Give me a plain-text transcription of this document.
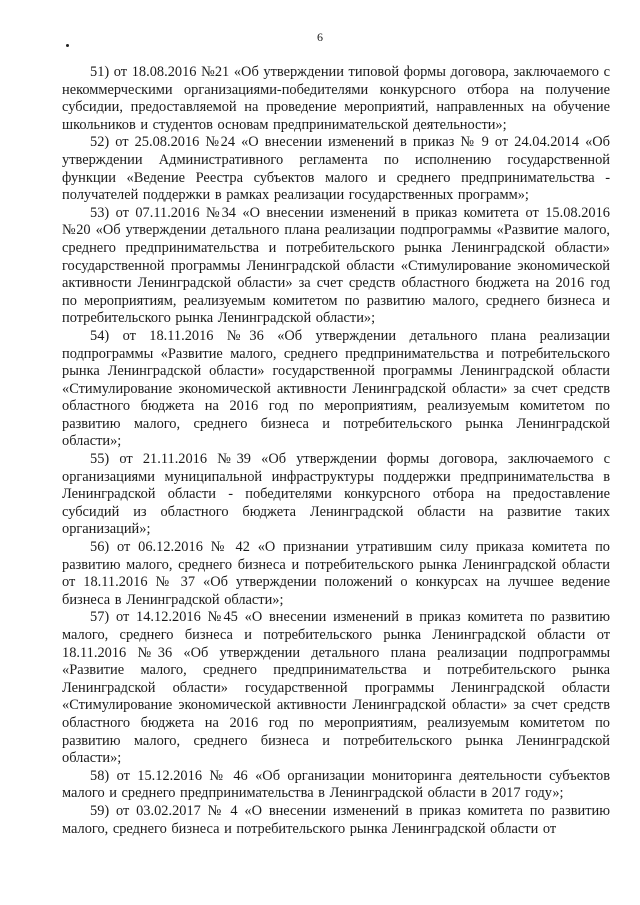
6

51) от 18.08.2016 №21 «Об утверждении типовой формы договора, заключаемого с некоммерческими организациями-победителями конкурсного отбора на получение субсидии, предоставляемой на проведение мероприятий, направленных на обучение школьников и студентов основам предпринимательской деятельности»;

52) от 25.08.2016 №24 «О внесении изменений в приказ № 9 от 24.04.2014 «Об утверждении Административного регламента по исполнению государственной функции «Ведение Реестра субъектов малого и среднего предпринимательства - получателей поддержки в рамках реализации государственных программ»;

53) от 07.11.2016 №34 «О внесении изменений в приказ комитета от 15.08.2016 №20 «Об утверждении детального плана реализации подпрограммы «Развитие малого, среднего предпринимательства и потребительского рынка Ленинградской области» государственной программы Ленинградской области «Стимулирование экономической активности Ленинградской области» за счет средств областного бюджета на 2016 год по мероприятиям, реализуемым комитетом по развитию малого, среднего бизнеса и потребительского рынка Ленинградской области»;

54) от 18.11.2016 №36 «Об утверждении детального плана реализации подпрограммы «Развитие малого, среднего предпринимательства и потребительского рынка Ленинградской области» государственной программы Ленинградской области «Стимулирование экономической активности Ленинградской области» за счет средств областного бюджета на 2016 год по мероприятиям, реализуемым комитетом по развитию малого, среднего бизнеса и потребительского рынка Ленинградской области»;

55) от 21.11.2016 №39 «Об утверждении формы договора, заключаемого с организациями муниципальной инфраструктуры поддержки предпринимательства в Ленинградской области - победителями конкурсного отбора на предоставление субсидий из областного бюджета Ленинградской области на развитие таких организаций»;

56) от 06.12.2016 № 42 «О признании утратившим силу приказа комитета по развитию малого, среднего бизнеса и потребительского рынка Ленинградской области от 18.11.2016 № 37 «Об утверждении положений о конкурсах на лучшее ведение бизнеса в Ленинградской области»;

57) от 14.12.2016 №45 «О внесении изменений в приказ комитета по развитию малого, среднего бизнеса и потребительского рынка Ленинградской области от 18.11.2016 №36 «Об утверждении детального плана реализации подпрограммы «Развитие малого, среднего предпринимательства и потребительского рынка Ленинградской области» государственной программы Ленинградской области «Стимулирование экономической активности Ленинградской области» за счет средств областного бюджета на 2016 год по мероприятиям, реализуемым комитетом по развитию малого, среднего бизнеса и потребительского рынка Ленинградской области»;

58) от 15.12.2016 № 46 «Об организации мониторинга деятельности субъектов малого и среднего предпринимательства в Ленинградской области в 2017 году»;

59) от 03.02.2017 № 4 «О внесении изменений в приказ комитета по развитию малого, среднего бизнеса и потребительского рынка Ленинградской области от
